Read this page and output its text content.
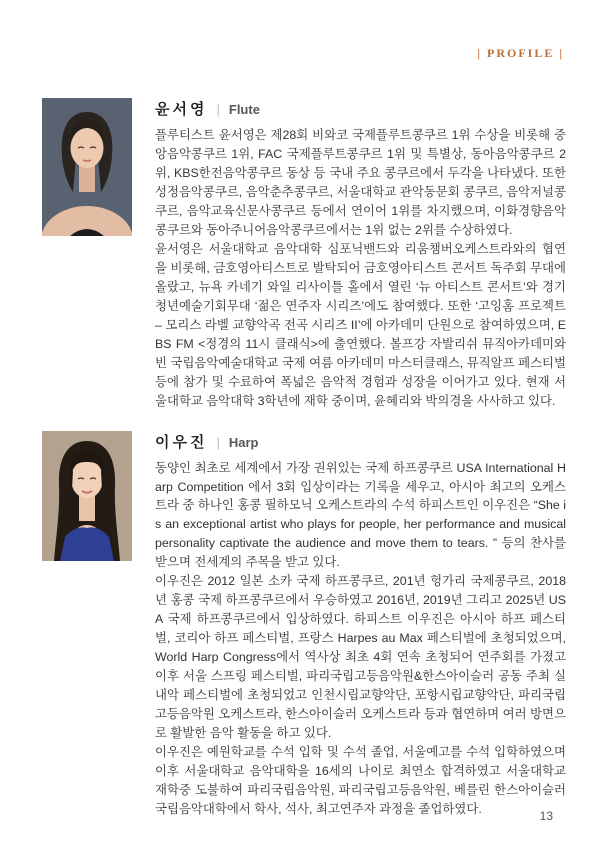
| PROFILE |
윤서영 | Flute

플루티스트 윤서영은 제28회 비와코 국제플루트콩쿠르 1위 수상을 비롯해 중앙음악콩쿠르 1위, FAC 국제플루트콩쿠르 1위 및 특별상, 동아음악콩쿠르 2위, KBS한전음악콩쿠르 동상 등 국내 주요 콩쿠르에서 두각을 나타냈다. 또한 성정음악콩쿠르, 음악춘추콩쿠르, 서울대학교 관악동문회 콩쿠르, 음악저널콩쿠르, 음악교육신문사콩쿠르 등에서 연이어 1위를 차지했으며, 이화경향음악콩쿠르와 동아주니어음악콩쿠르에서는 1위 없는 2위를 수상하였다.

윤서영은 서울대학교 음악대학 심포닉밴드와 리움챔버오케스트라와의 협연을 비롯해, 금호영아티스트로 발탁되어 금호영아티스트 콘서트 독주회 무대에 올랐고, 뉴욕 카네기 와일 리사이틀 홀에서 열린 ‘뉴 아티스트 콘서트’와 경기청년예술기회무대 ‘젊은 연주자 시리즈’에도 참여했다. 또한 ‘고잉홈 프로젝트 – 모리스 라벨 교향악곡 전곡 시리즈 II’에 아카데미 단원으로 참여하였으며, EBS FM <정경의 11시 클래식>에 출연했다. 볼프강 자발리쉬 뮤직아카데미와 빈 국립음악예술대학교 국제 여름 아카데미 마스터클래스, 뮤직알프 페스티벌 등에 참가 및 수료하여 폭넓은 음악적 경험과 성장을 이어가고 있다. 현재 서울대학교 음악대학 3학년에 재학 중이며, 윤혜리와 박의경을 사사하고 있다.

이우진 | Harp

동양인 최초로 세계에서 가장 권위있는 국제 하프콩쿠르 USA International Harp Competition 에서 3회 입상이라는 기록을 세우고, 아시아 최고의 오케스트라 중 하나인 홍콩 필하모닉 오케스트라의 수석 하피스트인 이우진은 “She is an exceptional artist who plays for people, her performance and musical personality captivate the audience and move them to tears. ” 등의 찬사를 받으며 전세계의 주목을 받고 있다.

이우진은 2012 일본 소카 국제 하프콩쿠르, 201년 헝가리 국제콩쿠르, 2018년 홍콩 국제 하프콩쿠르에서 우승하였고 2016년, 2019년 그리고 2025년 USA 국제 하프콩쿠르에서 입상하였다. 하피스트 이우진은 아시아 하프 페스티벌, 코리아 하프 페스티벌, 프랑스 Harpes au Max 페스티벌에 초청되었으며, World Harp Congress에서 역사상 최초 4회 연속 초청되어 연주회를 가졌고 이후 서울 스프링 페스티벌, 파리국립고등음악원&한스아이슬러 공동 주최 실내악 페스티벌에 초청되었고 인천시립교향악단, 포항시립교향악단, 파리국립고등음악원 오케스트라, 한스아이슬러 오케스트라 등과 협연하며 여러 방면으로 활발한 음악 활동을 하고 있다.

이우진은 예원학교를 수석 입학 및 수석 졸업, 서울예고를 수석 입학하였으며 이후 서울대학교 음악대학을 16세의 나이로 최연소 합격하였고 서울대학교 재학중 도불하여 파리국립음악원, 파리국립고등음악원, 베를린 한스아이슬러 국립음악대학에서 학사, 석사, 최고연주자 과정을 졸업하였다.

13
